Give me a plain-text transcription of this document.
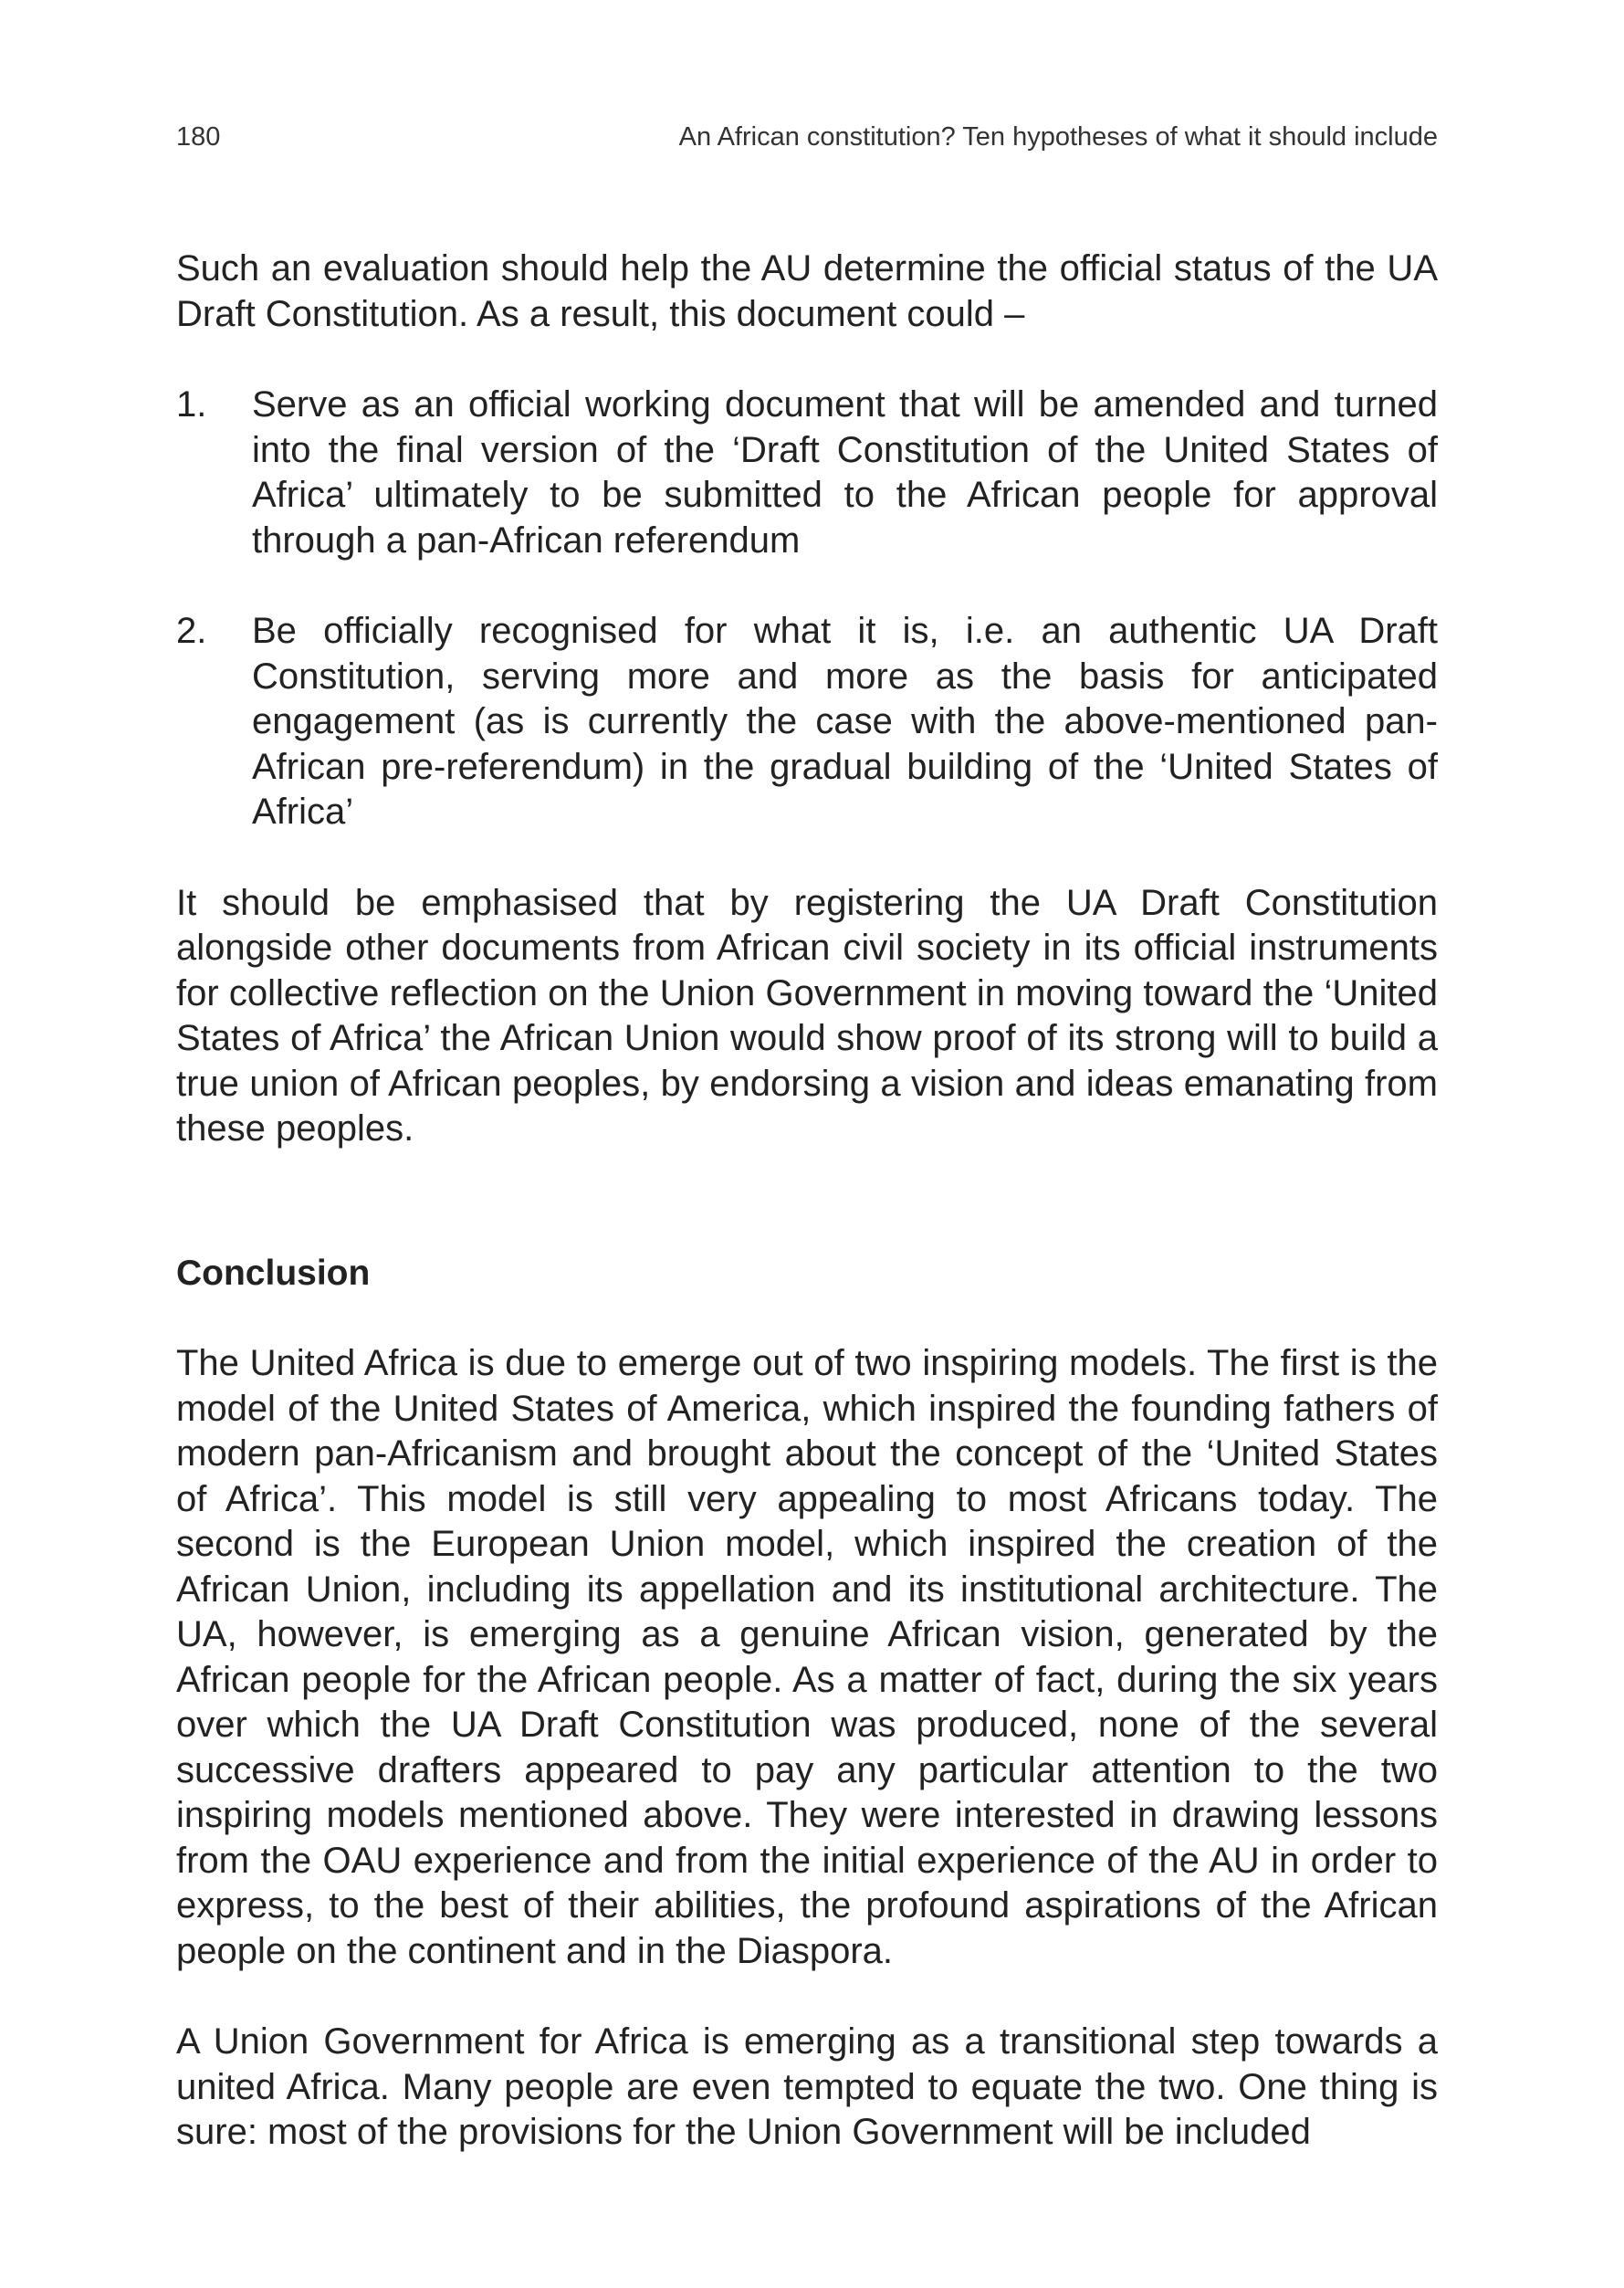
180	An African constitution? Ten hypotheses of what it should include

Such an evaluation should help the AU determine the official status of the UA Draft Constitution. As a result, this document could –

1. Serve as an official working document that will be amended and turned into the final version of the ‘Draft Constitution of the United States of Africa’ ultimately to be submitted to the African people for approval through a pan-African referendum
2. Be officially recognised for what it is, i.e. an authentic UA Draft Constitution, serving more and more as the basis for anticipated engagement (as is currently the case with the above-mentioned pan-African pre-referendum) in the gradual building of the ‘United States of Africa’

It should be emphasised that by registering the UA Draft Constitution alongside other documents from African civil society in its official instruments for collective reflection on the Union Government in moving toward the ‘United States of Africa’ the African Union would show proof of its strong will to build a true union of African peoples, by endorsing a vision and ideas emanating from these peoples.

Conclusion

The United Africa is due to emerge out of two inspiring models. The first is the model of the United States of America, which inspired the founding fathers of modern pan-Africanism and brought about the concept of the ‘United States of Africa’. This model is still very appealing to most Africans today. The second is the European Union model, which inspired the creation of the African Union, including its appellation and its institutional architecture. The UA, however, is emerging as a genuine African vision, generated by the African people for the African people. As a matter of fact, during the six years over which the UA Draft Constitution was produced, none of the several successive drafters appeared to pay any particular attention to the two inspiring models mentioned above. They were interested in drawing lessons from the OAU experience and from the initial experience of the AU in order to express, to the best of their abilities, the profound aspirations of the African people on the continent and in the Diaspora.

A Union Government for Africa is emerging as a transitional step towards a united Africa. Many people are even tempted to equate the two. One thing is sure: most of the provisions for the Union Government will be included
